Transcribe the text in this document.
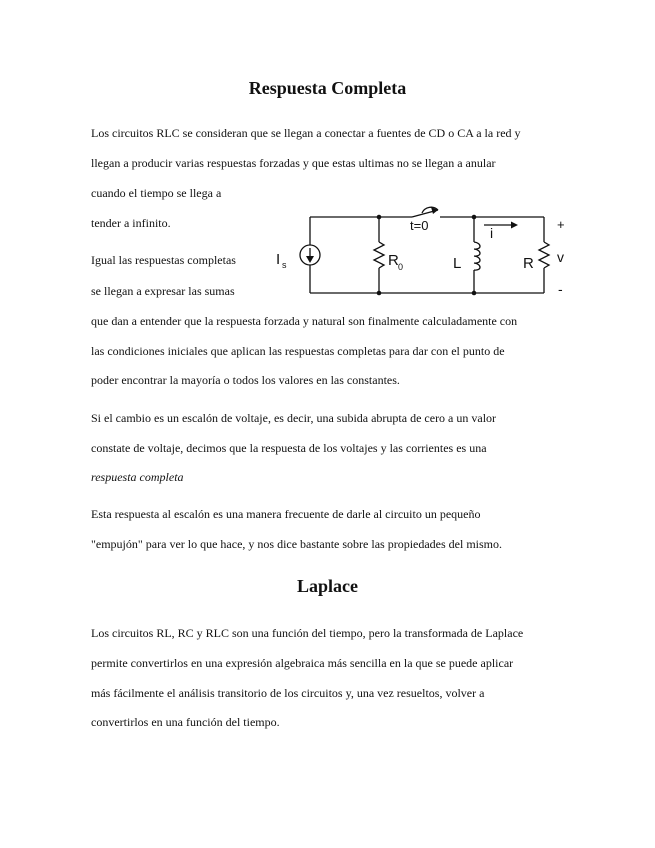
Respuesta Completa

Los circuitos RLC se consideran que se llegan a conectar a fuentes de CD o CA a la red y

llegan a producir varias respuestas forzadas y que estas ultimas no se llegan a anular

cuando el tiempo se llega a

tender a infinito.

Igual las respuestas completas

se llegan a expresar las sumas

que dan a entender que la respuesta forzada y natural son finalmente calculadamente con

las condiciones iniciales que aplican las respuestas completas para dar con el punto de

poder encontrar la mayoría o todos los valores en las constantes.

Si el cambio es un escalón de voltaje, es decir, una subida abrupta de cero a un valor

constate de voltaje, decimos que la respuesta de los voltajes y las corrientes es una

respuesta completa

Esta respuesta al escalón es una manera frecuente de darle al circuito un pequeño

"empujón" para ver lo que hace, y nos dice bastante sobre las propiedades del mismo.

I s	R 0
t=0	i
L	R
+
v
-
Laplace

Los circuitos RL, RC y RLC son una función del tiempo, pero la transformada de Laplace

permite convertirlos en una expresión algebraica más sencilla en la que se puede aplicar

más fácilmente el análisis transitorio de los circuitos y, una vez resueltos, volver a

convertirlos en una función del tiempo.
